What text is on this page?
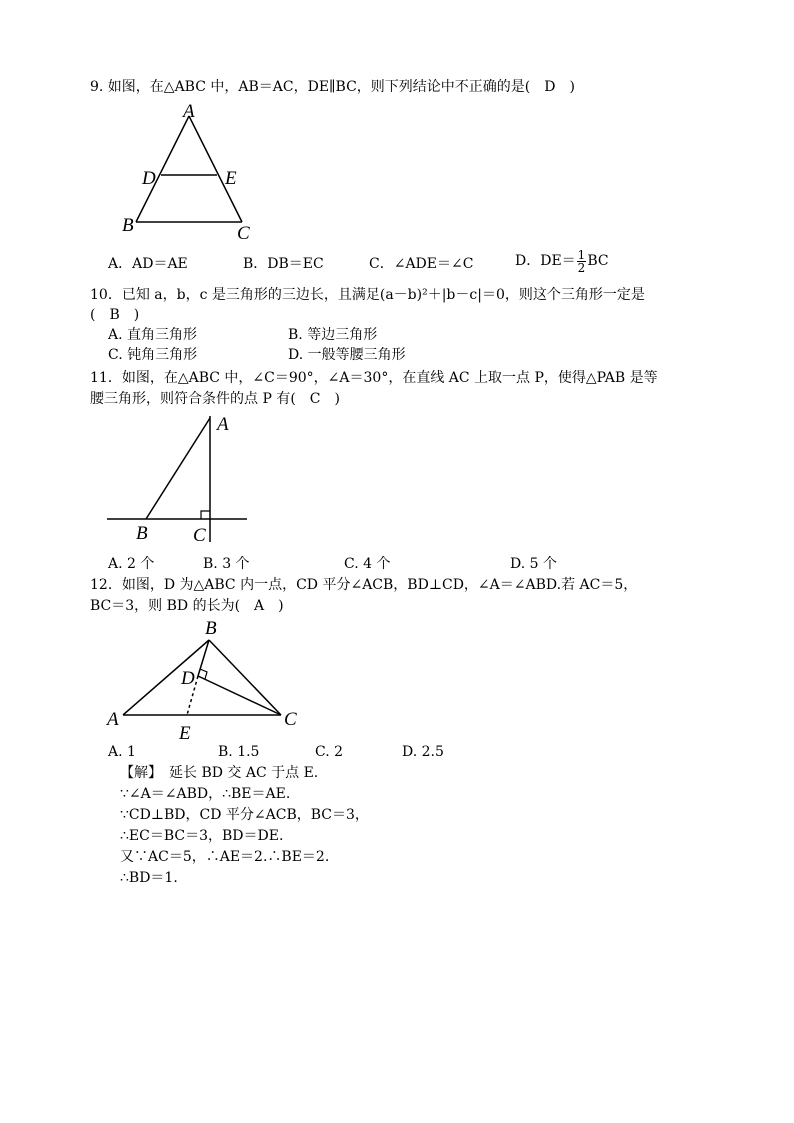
9. 如图，在△ABC 中，AB＝AC，DE∥BC，则下列结论中不正确的是(　D　)
A
D	E
B	C
A．AD＝AE	B．DB＝EC	C．∠ADE＝∠C	D．$DE= \frac{1}{2}$ BC
10．已知 a，b，c 是三角形的三边长，且满足(a－b)²＋|b－c|＝0，则这个三角形一定是
(　B　)
A. 直角三角形	B. 等边三角形
C. 钝角三角形	D. 一般等腰三角形
11．如图，在△ABC 中，∠C＝90°，∠A＝30°，在直线 AC 上取一点 P，使得△PAB 是等
腰三角形，则符合条件的点 P 有(　C　)
A
B C
A. 2 个	B. 3 个	C. 4 个	D. 5 个
12．如图，D 为△ABC 内一点，CD 平分∠ACB，BD⊥CD，∠A＝∠ABD.若 AC＝5，
BC＝3，则 BD 的长为(　A　)
B
D
A	C
E
A. 1	B. 1.5	C. 2	D. 2.5
【解】　延长 BD 交 AC 于点 E.
∵∠A＝∠ABD，∴BE＝AE.
∵CD⊥BD，CD 平分∠ACB，BC＝3，
∴EC＝BC＝3，BD＝DE.
又∵AC＝5，∴AE＝2.∴BE＝2.
∴BD＝1.
